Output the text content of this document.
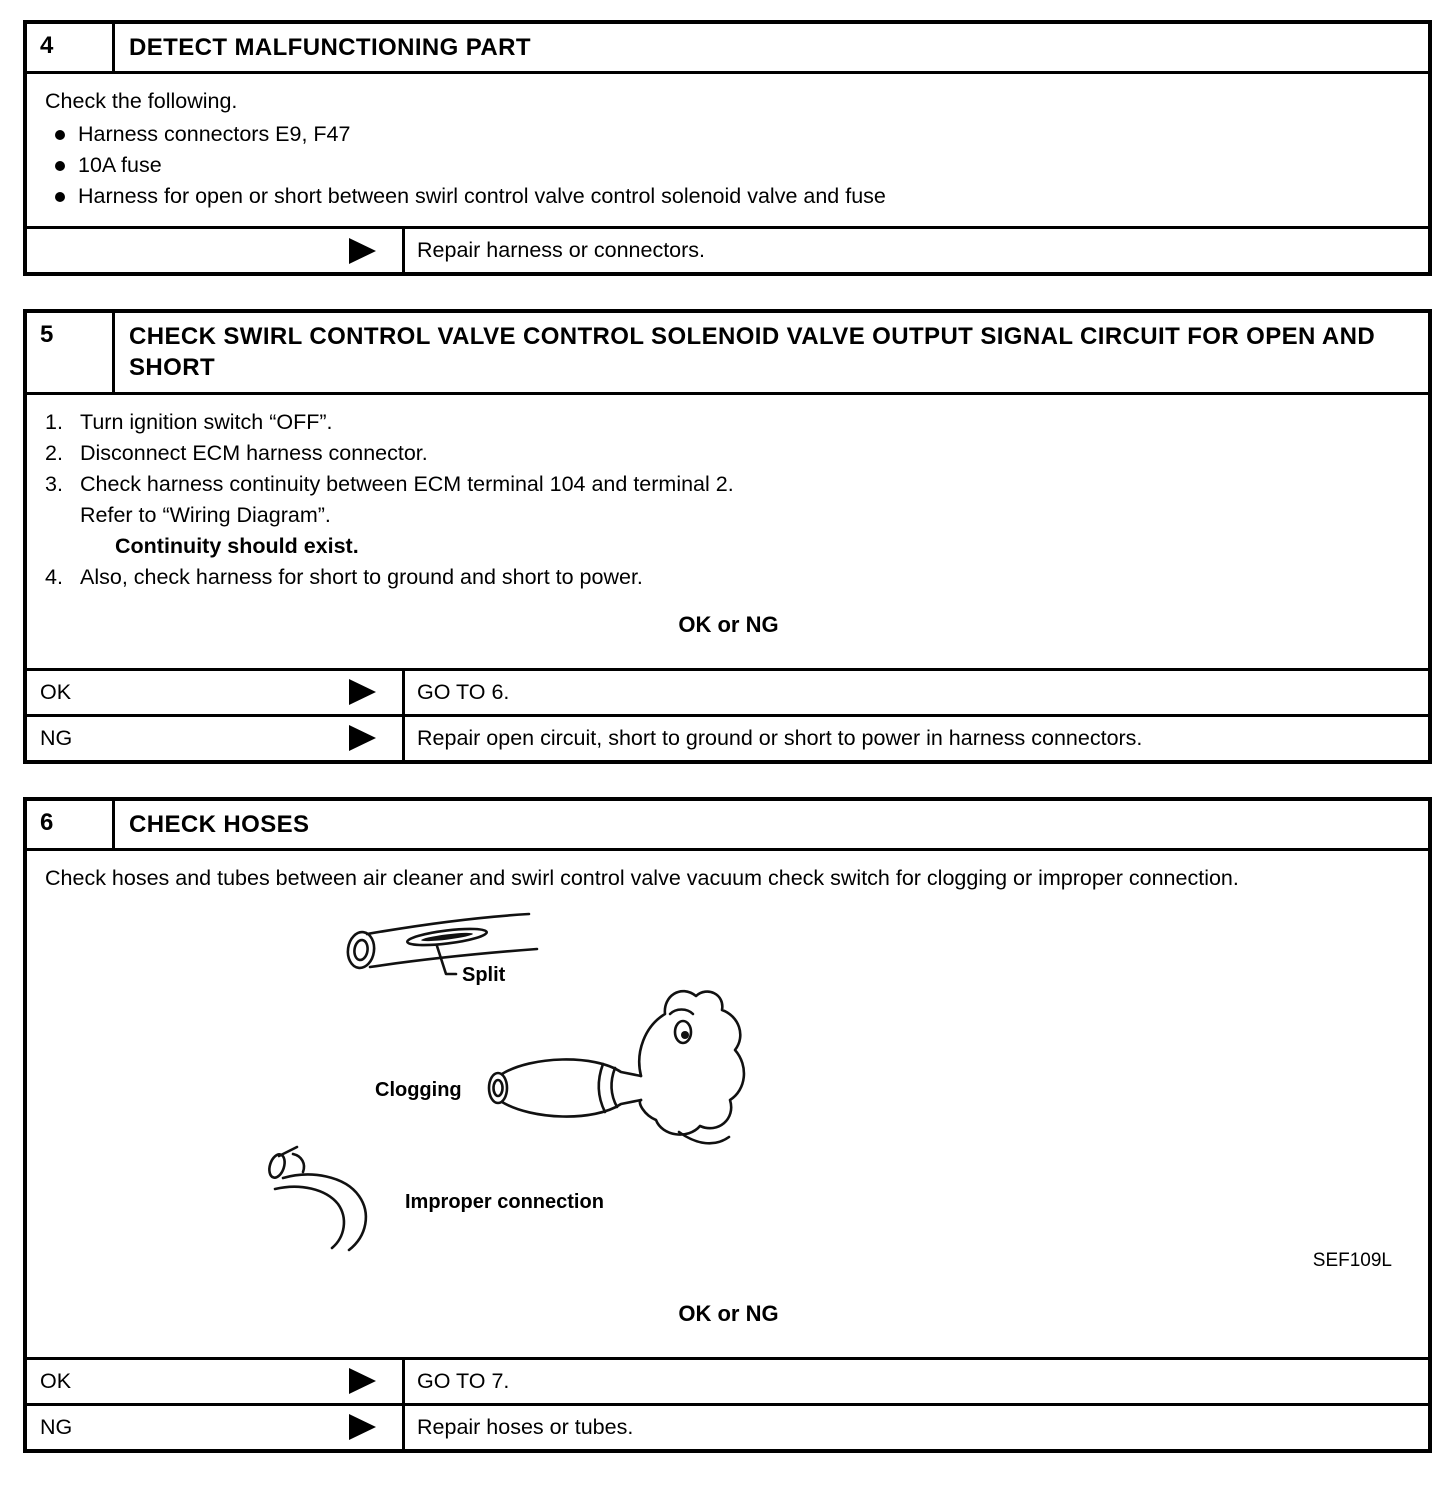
4	DETECT MALFUNCTIONING PART
Check the following.
Harness connectors E9, F47
10A fuse
Harness for open or short between swirl control valve control solenoid valve and fuse
Repair harness or connectors.
5	CHECK SWIRL CONTROL VALVE CONTROL SOLENOID VALVE OUTPUT SIGNAL CIRCUIT FOR OPEN AND SHORT
1. Turn ignition switch “OFF”.
2. Disconnect ECM harness connector.
3. Check harness continuity between ECM terminal 104 and terminal 2.
Refer to “Wiring Diagram”.
Continuity should exist.
4. Also, check harness for short to ground and short to power.
OK or NG
OK	GO TO 6.
NG	Repair open circuit, short to ground or short to power in harness connectors.
6	CHECK HOSES
Check hoses and tubes between air cleaner and swirl control valve vacuum check switch for clogging or improper connection.
Split
Clogging
Improper connection
SEF109L
OK or NG
OK	GO TO 7.
NG	Repair hoses or tubes.
